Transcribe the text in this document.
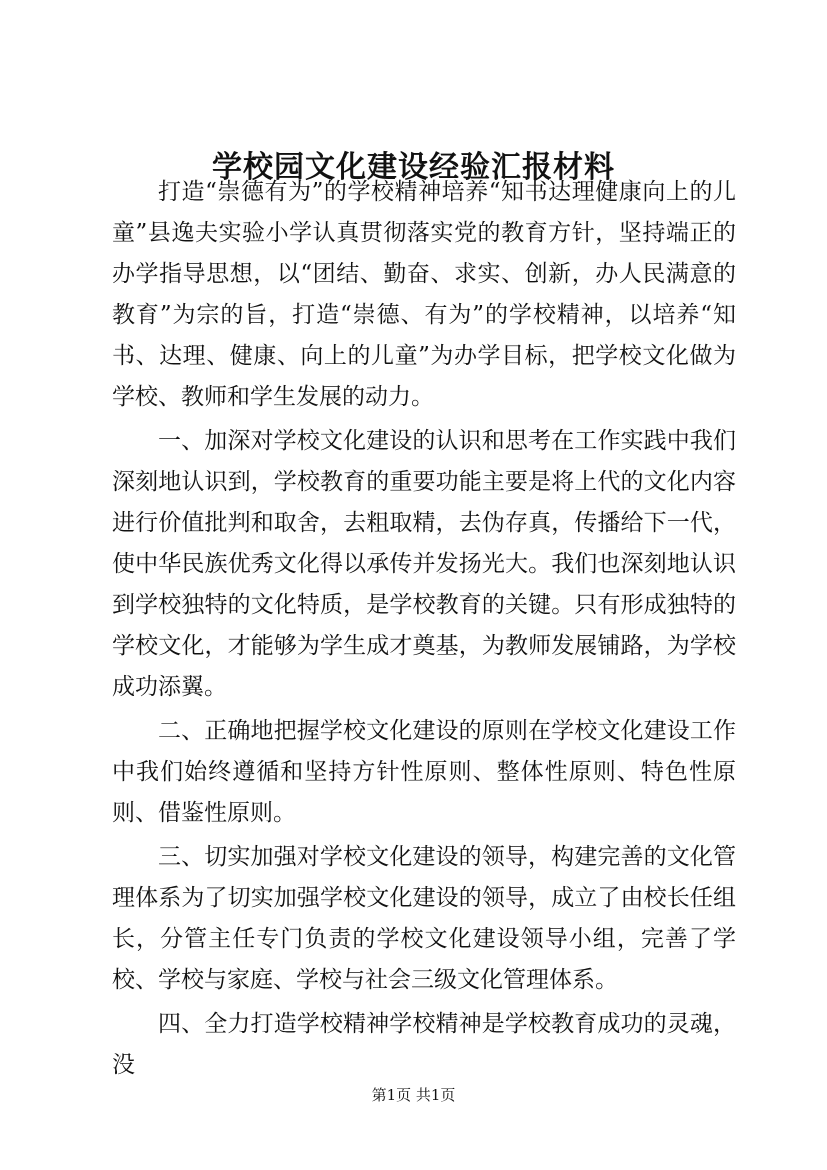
学校园文化建设经验汇报材料

打造“崇德有为”的学校精神培养“知书达理健康向上的儿童”县逸夫实验小学认真贯彻落实党的教育方针，坚持端正的办学指导思想，以“团结、勤奋、求实、创新，办人民满意的教育”为宗的旨，打造“崇德、有为”的学校精神，以培养“知书、达理、健康、向上的儿童”为办学目标，把学校文化做为学校、教师和学生发展的动力。

一、加深对学校文化建设的认识和思考在工作实践中我们深刻地认识到，学校教育的重要功能主要是将上代的文化内容进行价值批判和取舍，去粗取精，去伪存真，传播给下一代，使中华民族优秀文化得以承传并发扬光大。我们也深刻地认识到学校独特的文化特质，是学校教育的关键。只有形成独特的学校文化，才能够为学生成才奠基，为教师发展铺路，为学校成功添翼。

二、正确地把握学校文化建设的原则在学校文化建设工作中我们始终遵循和坚持方针性原则、整体性原则、特色性原则、借鉴性原则。

三、切实加强对学校文化建设的领导，构建完善的文化管理体系为了切实加强学校文化建设的领导，成立了由校长任组长，分管主任专门负责的学校文化建设领导小组，完善了学校、学校与家庭、学校与社会三级文化管理体系。

四、全力打造学校精神学校精神是学校教育成功的灵魂，没

第1页 共1页
